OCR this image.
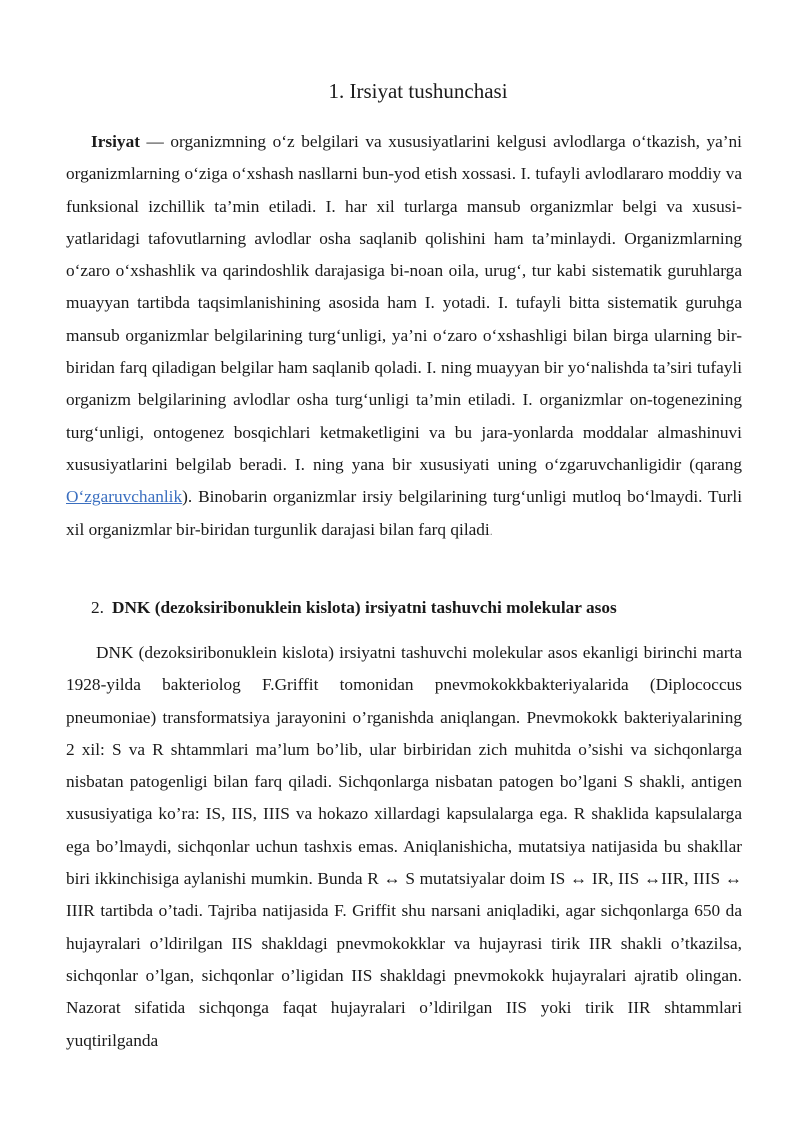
1. Irsiyat tushunchasi

Irsiyat — organizmning o‘z belgilari va xususiyatlarini kelgusi avlodlarga o‘tkazish, ya’ni organizmlarning o‘ziga o‘xshash nasllarni bun-yod etish xossasi. I. tufayli avlodlararo moddiy va funksional izchillik ta’min etiladi. I. har xil turlarga mansub organizmlar belgi va xususi-yatlaridagi tafovutlarning avlodlar osha saqlanib qolishini ham ta’minlaydi. Organizmlarning o‘zaro o‘xshashlik va qarindoshlik darajasiga bi-noan oila, urug‘, tur kabi sistematik guruhlarga muayyan tartibda taqsimlanishining asosida ham I. yotadi. I. tufayli bitta sistematik guruhga mansub organizmlar belgilarining turg‘unligi, ya’ni o‘zaro o‘xshashligi bilan birga ularning bir-biridan farq qiladigan belgilar ham saqlanib qoladi. I. ning muayyan bir yo‘nalishda ta’siri tufayli organizm belgilarining avlodlar osha turg‘unligi ta’min etiladi. I. organizmlar on-togenezining turg‘unligi, ontogenez bosqichlari ketmaketligini va bu jara-yonlarda moddalar almashinuvi xususiyatlarini belgilab beradi. I. ning yana bir xususiyati uning o‘zgaruvchanligidir (qarang O‘zgaruvchanlik). Binobarin organizmlar irsiy belgilarining turg‘unligi mutloq bo‘lmaydi. Turli xil organizmlar bir-biridan turgunlik darajasi bilan farq qiladi.

2. DNK (dezoksiribonuklein kislota) irsiyatni tashuvchi molekular asos

DNK (dezoksiribonuklein kislota) irsiyatni tashuvchi molekular asos ekanligi birinchi marta 1928-yilda bakteriolog F.Griffit tomonidan pnevmokokkbakteriyalarida (Diplococcus pneumoniae) transformatsiya jarayonini o’rganishda aniqlangan. Pnevmokokk bakteriyalarining 2 xil: S va R shtammlari ma’lum bo’lib, ular birbiridan zich muhitda o’sishi va sichqonlarga nisbatan patogenligi bilan farq qiladi. Sichqonlarga nisbatan patogen bo’lgani S shakli, antigen xususiyatiga ko’ra: IS, IIS, IIIS va hokazo xillardagi kapsulalarga ega. R shaklida kapsulalarga ega bo’lmaydi, sichqonlar uchun tashxis emas. Aniqlanishicha, mutatsiya natijasida bu shakllar biri ikkinchisiga aylanishi mumkin. Bunda R ↔ S mutatsiyalar doim IS ↔ IR, IIS ↔IIR, IIIS ↔ IIIR tartibda o’tadi. Tajriba natijasida F. Griffit shu narsani aniqladiki, agar sichqonlarga 650 da hujayralari o’ldirilgan IIS shakldagi pnevmokokklar va hujayrasi tirik IIR shakli o’tkazilsa, sichqonlar o’lgan, sichqonlar o’ligidan IIS shakldagi pnevmokokk hujayralari ajratib olingan. Nazorat sifatida sichqonga faqat hujayralari o’ldirilgan IIS yoki tirik IIR shtammlari yuqtirilganda
